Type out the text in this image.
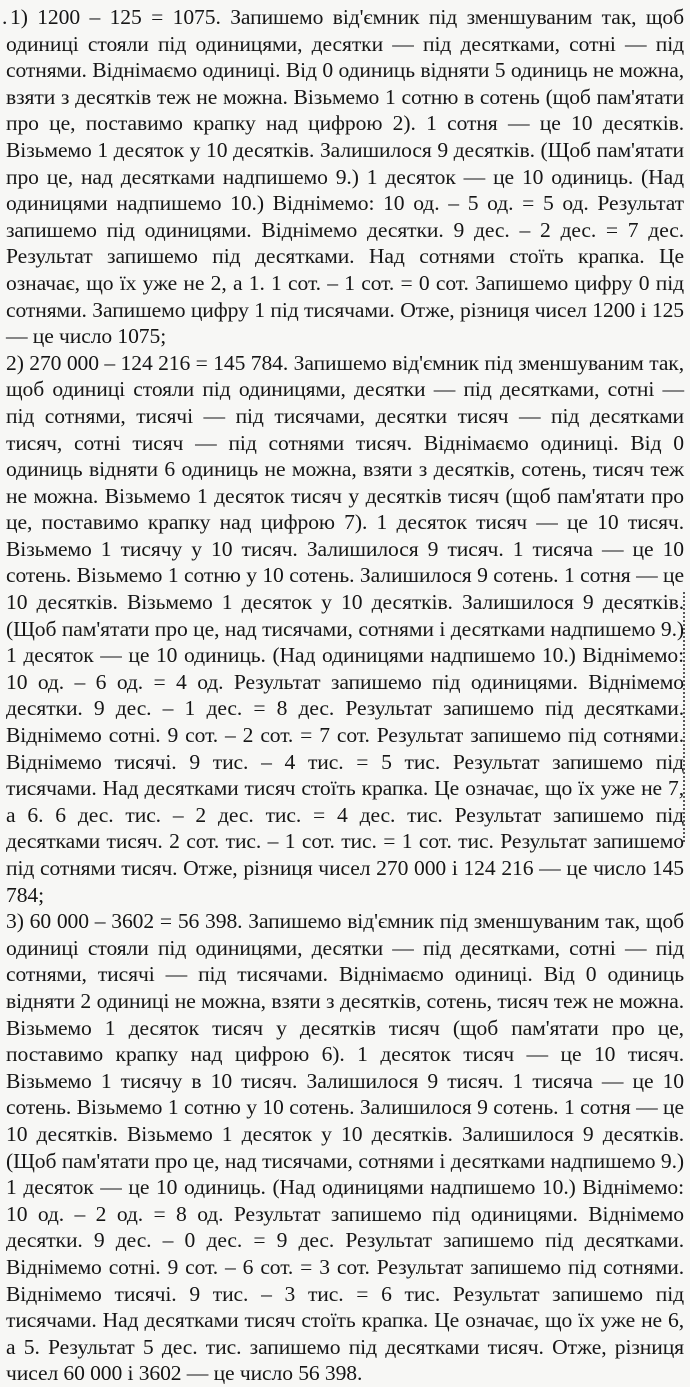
. 1) 1200 – 125 = 1075. Запишемо від'ємник під зменшуваним так, щоб одиниці стояли під одиницями, десятки — під десятками, сотні — під сотнями. Віднімаємо одиниці. Від 0 одиниць відняти 5 одиниць не можна, взяти з десятків теж не можна. Візьмемо 1 сотню в сотень (щоб пам'ятати про це, поставимо крапку над цифрою 2). 1 сотня — це 10 десятків. Візьмемо 1 десяток у 10 десятків. Залишилося 9 десятків. (Щоб пам'ятати про це, над десятками надпишемо 9.) 1 десяток — це 10 одиниць. (Над одиницями надпишемо 10.) Віднімемо: 10 од. – 5 од. = 5 од. Результат запишемо під одиницями. Віднімемо десятки. 9 дес. – 2 дес. = 7 дес. Результат запишемо під десятками. Над сотнями стоїть крапка. Це означає, що їх уже не 2, а 1. 1 сот. – 1 сот. = 0 сот. Запишемо цифру 0 під сотнями. Запишемо цифру 1 під тисячами. Отже, різниця чисел 1200 і 125 — це число 1075;

2) 270 000 – 124 216 = 145 784. Запишемо від'ємник під зменшуваним так, щоб одиниці стояли під одиницями, десятки — під десятками, сотні — під сотнями, тисячі — під тисячами, десятки тисяч — під десятками тисяч, сотні тисяч — під сотнями тисяч. Віднімаємо одиниці. Від 0 одиниць відняти 6 одиниць не можна, взяти з десятків, сотень, тисяч теж не можна. Візьмемо 1 десяток тисяч у десятків тисяч (щоб пам'ятати про це, поставимо крапку над цифрою 7). 1 десяток тисяч — це 10 тисяч. Візьмемо 1 тисячу у 10 тисяч. Залишилося 9 тисяч. 1 тисяча — це 10 сотень. Візьмемо 1 сотню у 10 сотень. Залишилося 9 сотень. 1 сотня — це 10 десятків. Візьмемо 1 десяток у 10 десятків. Залишилося 9 десятків. (Щоб пам'ятати про це, над тисячами, сотнями і десятками надпишемо 9.) 1 десяток — це 10 одиниць. (Над одиницями надпишемо 10.) Віднімемо: 10 од. – 6 од. = 4 од. Результат запишемо під одиницями. Віднімемо десятки. 9 дес. – 1 дес. = 8 дес. Результат запишемо під десятками. Віднімемо сотні. 9 сот. – 2 сот. = 7 сот. Результат запишемо під сотнями. Віднімемо тисячі. 9 тис. – 4 тис. = 5 тис. Результат запишемо під тисячами. Над десятками тисяч стоїть крапка. Це означає, що їх уже не 7, а 6. 6 дес. тис. – 2 дес. тис. = 4 дес. тис. Результат запишемо під десятками тисяч. 2 сот. тис. – 1 сот. тис. = 1 сот. тис. Результат запишемо під сотнями тисяч. Отже, різниця чисел 270 000 і 124 216 — це число 145 784;

3) 60 000 – 3602 = 56 398. Запишемо від'ємник під зменшуваним так, щоб одиниці стояли під одиницями, десятки — під десятками, сотні — під сотнями, тисячі — під тисячами. Віднімаємо одиниці. Від 0 одиниць відняти 2 одиниці не можна, взяти з десятків, сотень, тисяч теж не можна. Візьмемо 1 десяток тисяч у десятків тисяч (щоб пам'ятати про це, поставимо крапку над цифрою 6). 1 десяток тисяч — це 10 тисяч. Візьмемо 1 тисячу в 10 тисяч. Залишилося 9 тисяч. 1 тисяча — це 10 сотень. Візьмемо 1 сотню у 10 сотень. Залишилося 9 сотень. 1 сотня — це 10 десятків. Візьмемо 1 десяток у 10 десятків. Залишилося 9 десятків. (Щоб пам'ятати про це, над тисячами, сотнями і десятками надпишемо 9.) 1 десяток — це 10 одиниць. (Над одиницями надпишемо 10.) Віднімемо: 10 од. – 2 од. = 8 од. Результат запишемо під одиницями. Віднімемо десятки. 9 дес. – 0 дес. = 9 дес. Результат запишемо під десятками. Віднімемо сотні. 9 сот. – 6 сот. = 3 сот. Результат запишемо під сотнями. Віднімемо тисячі. 9 тис. – 3 тис. = 6 тис. Результат запишемо під тисячами. Над десятками тисяч стоїть крапка. Це означає, що їх уже не 6, а 5. Результат 5 дес. тис. запишемо під десятками тисяч. Отже, різниця чисел 60 000 і 3602 — це число 56 398.
